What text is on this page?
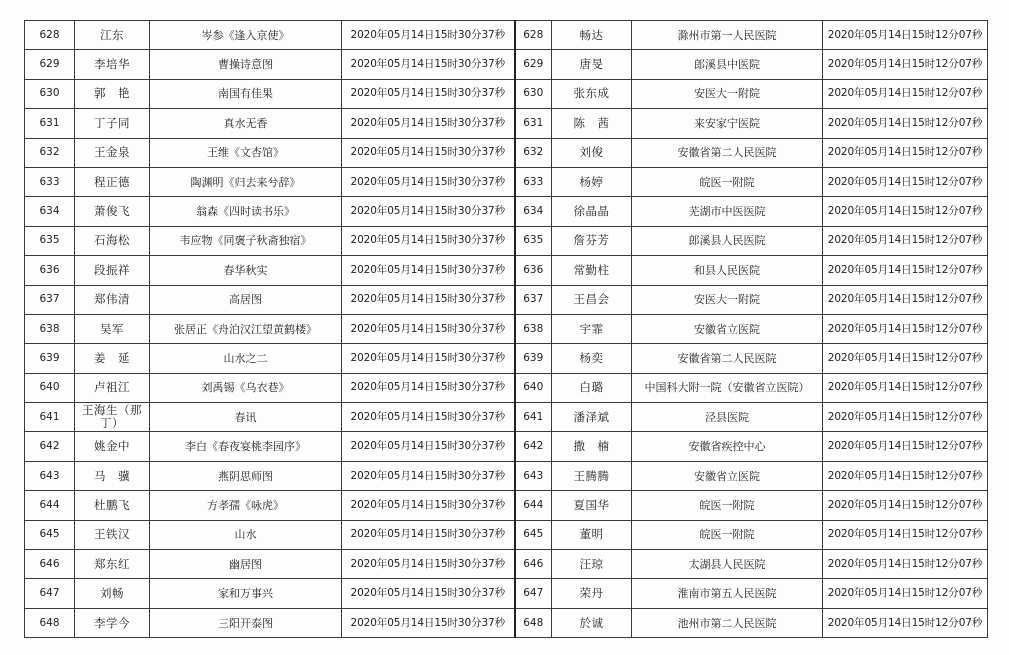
628	江东	岑参《逢入京使》	2020年05月14日15时30分37秒	628	畅达	滁州市第一人民医院	2020年05月14日15时12分07秒
629	李培华	曹操诗意图	2020年05月14日15时30分37秒	629	唐旻	郎溪县中医院	2020年05月14日15时12分07秒
630	郭　艳	南国有佳果	2020年05月14日15时30分37秒	630	张东成	安医大一附院	2020年05月14日15时12分07秒
631	丁子同	真水无香	2020年05月14日15时30分37秒	631	陈　茜	来安家宁医院	2020年05月14日15时12分07秒
632	王金泉	王维《文杏馆》	2020年05月14日15时30分37秒	632	刘俊	安徽省第二人民医院	2020年05月14日15时12分07秒
633	程正德	陶渊明《归去来兮辞》	2020年05月14日15时30分37秒	633	杨婷	皖医一附院	2020年05月14日15时12分07秒
634	萧俊飞	翁森《四时读书乐》	2020年05月14日15时30分37秒	634	徐晶晶	芜湖市中医医院	2020年05月14日15时12分07秒
635	石海松	韦应物《同褒子秋斋独宿》	2020年05月14日15时30分37秒	635	詹芬芳	郎溪县人民医院	2020年05月14日15时12分07秒
636	段振祥	春华秋实	2020年05月14日15时30分37秒	636	常勤柱	和县人民医院	2020年05月14日15时12分07秒
637	郑伟清	高居图	2020年05月14日15时30分37秒	637	王昌会	安医大一附院	2020年05月14日15时12分07秒
638	吴军	张居正《舟泊汉江望黄鹤楼》	2020年05月14日15时30分37秒	638	宇霏	安徽省立医院	2020年05月14日15时12分07秒
639	姜　延	山水之二	2020年05月14日15时30分37秒	639	杨奕	安徽省第二人民医院	2020年05月14日15时12分07秒
640	卢祖江	刘禹锡《乌衣巷》	2020年05月14日15时30分37秒	640	白璐	中国科大附一院（安徽省立医院）	2020年05月14日15时12分07秒
641	王海生（那丁）	春讯	2020年05月14日15时30分37秒	641	潘泽斌	泾县医院	2020年05月14日15时12分07秒
642	姚金中	李白《春夜宴桃李园序》	2020年05月14日15时30分37秒	642	撒　楠	安徽省疾控中心	2020年05月14日15时12分07秒
643	马　骥	燕阴思师图	2020年05月14日15时30分37秒	643	王腾腾	安徽省立医院	2020年05月14日15时12分07秒
644	杜鹏飞	方孝孺《咏虎》	2020年05月14日15时30分37秒	644	夏国华	皖医一附院	2020年05月14日15时12分07秒
645	王铁汉	山水	2020年05月14日15时30分37秒	645	董明	皖医一附院	2020年05月14日15时12分07秒
646	郑东红	幽居图	2020年05月14日15时30分37秒	646	汪琼	太湖县人民医院	2020年05月14日15时12分07秒
647	刘畅	家和万事兴	2020年05月14日15时30分37秒	647	荣丹	淮南市第五人民医院	2020年05月14日15时12分07秒
648	李学今	三阳开泰图	2020年05月14日15时30分37秒	648	於诚	池州市第二人民医院	2020年05月14日15时12分07秒
